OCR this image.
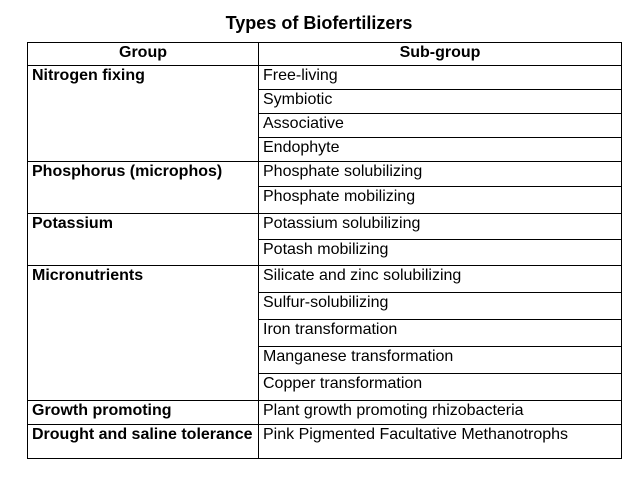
Types of Biofertilizers
Group	Sub-group
Nitrogen fixing	Free-living
	Symbiotic
	Associative
	Endophyte
Phosphorus (microphos)	Phosphate solubilizing
	Phosphate mobilizing
Potassium	Potassium solubilizing
	Potash mobilizing
Micronutrients	Silicate and zinc solubilizing
	Sulfur-solubilizing
	Iron transformation
	Manganese transformation
	Copper transformation
Growth promoting	Plant growth promoting rhizobacteria
Drought and saline tolerance	Pink Pigmented Facultative Methanotrophs
